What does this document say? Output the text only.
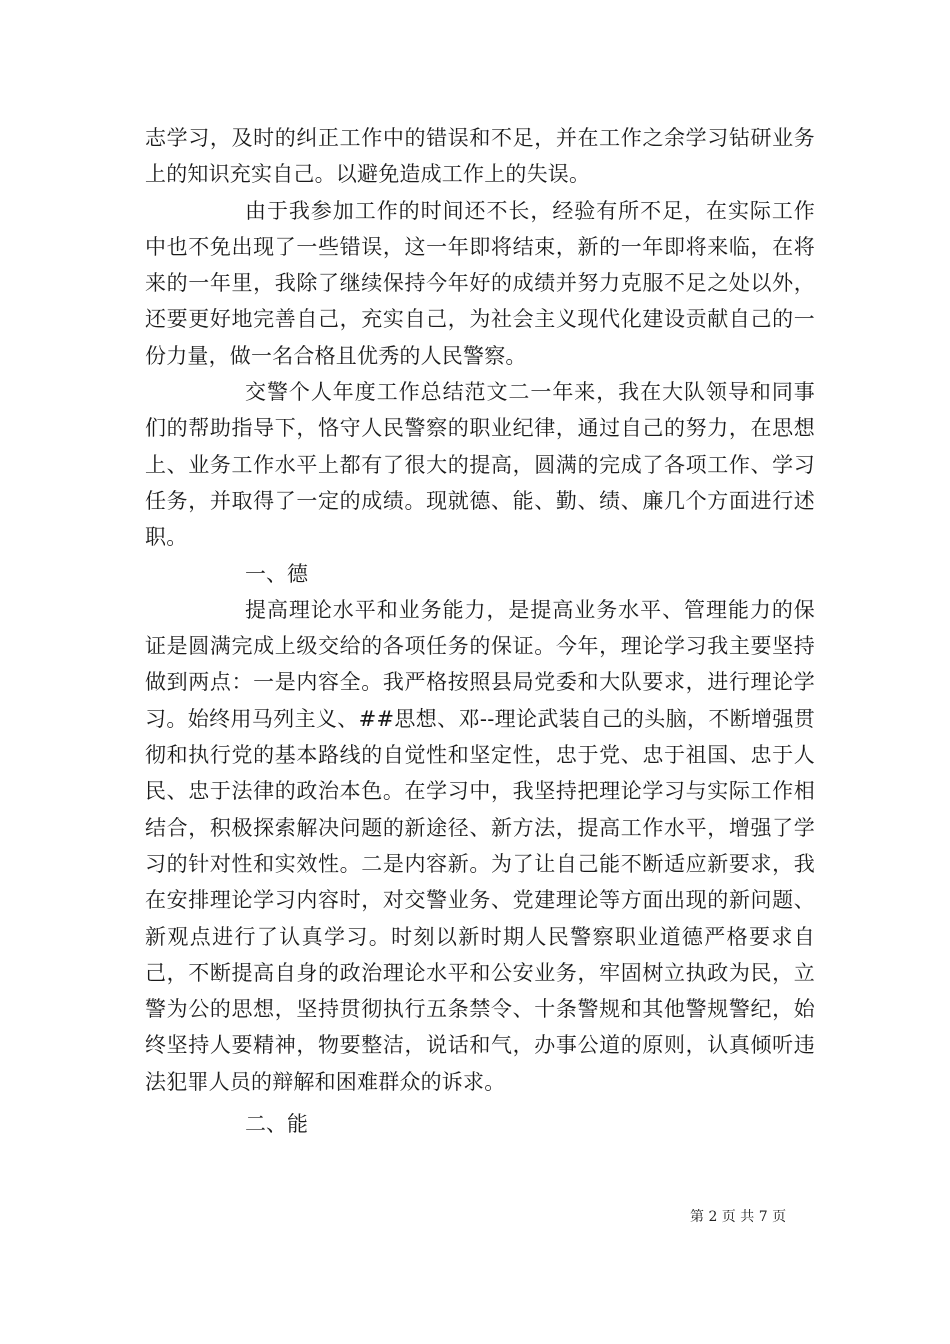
志学习，及时的纠正工作中的错误和不足，并在工作之余学习钻研业务上的知识充实自己。以避免造成工作上的失误。

由于我参加工作的时间还不长，经验有所不足，在实际工作中也不免出现了一些错误，这一年即将结束，新的一年即将来临，在将来的一年里，我除了继续保持今年好的成绩并努力克服不足之处以外，还要更好地完善自己，充实自己，为社会主义现代化建设贡献自己的一份力量，做一名合格且优秀的人民警察。

交警个人年度工作总结范文二一年来，我在大队领导和同事们的帮助指导下，恪守人民警察的职业纪律，通过自己的努力，在思想上、业务工作水平上都有了很大的提高，圆满的完成了各项工作、学习任务，并取得了一定的成绩。现就德、能、勤、绩、廉几个方面进行述职。

一、德

提高理论水平和业务能力，是提高业务水平、管理能力的保证是圆满完成上级交给的各项任务的保证。今年，理论学习我主要坚持做到两点：一是内容全。我严格按照县局党委和大队要求，进行理论学习。始终用马列主义、##思想、邓--理论武装自己的头脑，不断增强贯彻和执行党的基本路线的自觉性和坚定性，忠于党、忠于祖国、忠于人民、忠于法律的政治本色。在学习中，我坚持把理论学习与实际工作相结合，积极探索解决问题的新途径、新方法，提高工作水平，增强了学习的针对性和实效性。二是内容新。为了让自己能不断适应新要求，我在安排理论学习内容时，对交警业务、党建理论等方面出现的新问题、新观点进行了认真学习。时刻以新时期人民警察职业道德严格要求自己，不断提高自身的政治理论水平和公安业务，牢固树立执政为民，立警为公的思想，坚持贯彻执行五条禁令、十条警规和其他警规警纪，始终坚持人要精神，物要整洁，说话和气，办事公道的原则，认真倾听违法犯罪人员的辩解和困难群众的诉求。

二、能

第 2 页 共 7 页
